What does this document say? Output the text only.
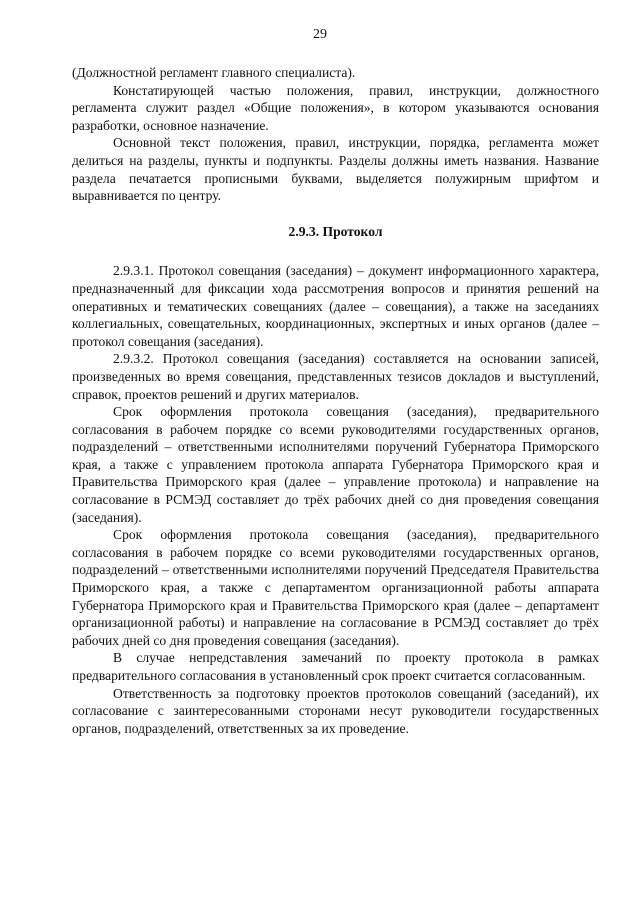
29

(Должностной регламент главного специалиста).

Констатирующей частью положения, правил, инструкции, должностного регламента служит раздел «Общие положения», в котором указываются основания разработки, основное назначение.

Основной текст положения, правил, инструкции, порядка, регламента может делиться на разделы, пункты и подпункты. Разделы должны иметь названия. Название раздела печатается прописными буквами, выделяется полужирным шрифтом и выравнивается по центру.

2.9.3. Протокол

2.9.3.1. Протокол совещания (заседания) – документ информационного характера, предназначенный для фиксации хода рассмотрения вопросов и принятия решений на оперативных и тематических совещаниях (далее – совещания), а также на заседаниях коллегиальных, совещательных, координационных, экспертных и иных органов (далее – протокол совещания (заседания).

2.9.3.2. Протокол совещания (заседания) составляется на основании записей, произведенных во время совещания, представленных тезисов докладов и выступлений, справок, проектов решений и других материалов.

Срок оформления протокола совещания (заседания), предварительного согласования в рабочем порядке со всеми руководителями государственных органов, подразделений – ответственными исполнителями поручений Губернатора Приморского края, а также с управлением протокола аппарата Губернатора Приморского края и Правительства Приморского края (далее – управление протокола) и направление на согласование в РСМЭД составляет до трёх рабочих дней со дня проведения совещания (заседания).

Срок оформления протокола совещания (заседания), предварительного согласования в рабочем порядке со всеми руководителями государственных органов, подразделений – ответственными исполнителями поручений Председателя Правительства Приморского края, а также с департаментом организационной работы аппарата Губернатора Приморского края и Правительства Приморского края (далее – департамент организационной работы) и направление на согласование в РСМЭД составляет до трёх рабочих дней со дня проведения совещания (заседания).

В случае непредставления замечаний по проекту протокола в рамках предварительного согласования в установленный срок проект считается согласованным.

Ответственность за подготовку проектов протоколов совещаний (заседаний), их согласование с заинтересованными сторонами несут руководители государственных органов, подразделений, ответственных за их проведение.
